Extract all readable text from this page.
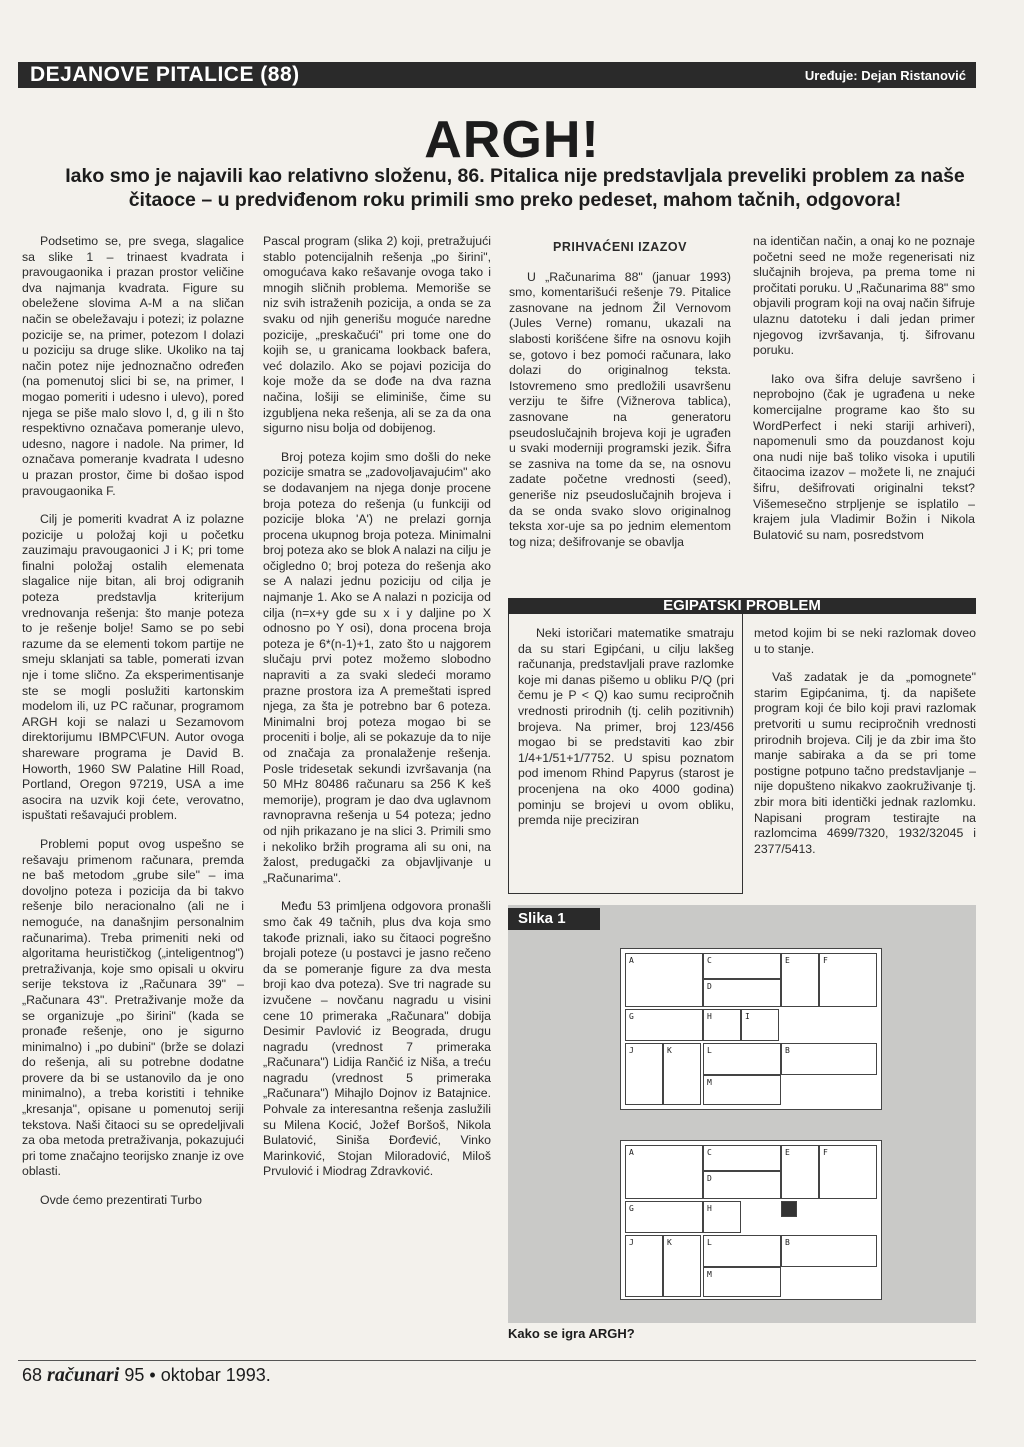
DEJANOVE PITALICE (88)	Uređuje: Dejan Ristanović
ARGH!
Iako smo je najavili kao relativno složenu, 86. Pitalica nije predstavljala preveliki problem za naše čitaoce – u predviđenom roku primili smo preko pedeset, mahom tačnih, odgovora!

Podsetimo se, pre svega, slagalice sa slike 1 – trinaest kvadrata i pravougaonika i prazan prostor veličine dva najmanja kvadrata. Figure su obeležene slovima A-M a na sličan način se obeležavaju i potezi; iz polazne pozicije se, na primer, potezom I dolazi u poziciju sa druge slike. Ukoliko na taj način potez nije jednoznačno određen (na pomenutoj slici bi se, na primer, I mogao pomeriti i udesno i ulevo), pored njega se piše malo slovo l, d, g ili n što respektivno označava pomeranje ulevo, udesno, nagore i nadole. Na primer, Id označava pomeranje kvadrata I udesno u prazan prostor, čime bi došao ispod pravougaonika F.

Cilj je pomeriti kvadrat A iz polazne pozicije u položaj koji u početku zauzimaju pravougaonici J i K; pri tome finalni položaj ostalih elemenata slagalice nije bitan, ali broj odigranih poteza predstavlja kriterijum vrednovanja rešenja: što manje poteza to je rešenje bolje! Samo se po sebi razume da se elementi tokom partije ne smeju sklanjati sa table, pomerati izvan nje i tome slično. Za eksperimentisanje ste se mogli poslužiti kartonskim modelom ili, uz PC računar, programom ARGH koji se nalazi u Sezamovom direktorijumu IBMPC\FUN. Autor ovoga shareware programa je David B. Howorth, 1960 SW Palatine Hill Road, Portland, Oregon 97219, USA a ime asocira na uzvik koji ćete, verovatno, ispuštati rešavajući problem.

Problemi poput ovog uspešno se rešavaju primenom računara, premda ne baš metodom „grube sile" – ima dovoljno poteza i pozicija da bi takvo rešenje bilo neracionalno (ali ne i nemoguće, na današnjim personalnim računarima). Treba primeniti neki od algoritama heurističkog („inteligentnog") pretraživanja, koje smo opisali u okviru serije tekstova iz „Računara 39" – „Računara 43". Pretraživanje može da se organizuje „po širini" (kada se pronađe rešenje, ono je sigurno minimalno) i „po dubini" (brže se dolazi do rešenja, ali su potrebne dodatne provere da bi se ustanovilo da je ono minimalno), a treba koristiti i tehnike „kresanja", opisane u pomenutoj seriji tekstova. Naši čitaoci su se opredeljivali za oba metoda pretraživanja, pokazujući pri tome značajno teorijsko znanje iz ove oblasti.

Ovde ćemo prezentirati Turbo

Pascal program (slika 2) koji, pretražujući stablo potencijalnih rešenja „po širini", omogućava kako rešavanje ovoga tako i mnogih sličnih problema. Memoriše se niz svih istraženih pozicija, a onda se za svaku od njih generišu moguće naredne pozicije, „preskačući" pri tome one do kojih se, u granicama lookback bafera, već dolazilo. Ako se pojavi pozicija do koje može da se dođe na dva razna načina, lošiji se eliminiše, čime su izgubljena neka rešenja, ali se za da ona sigurno nisu bolja od dobijenog.

Broj poteza kojim smo došli do neke pozicije smatra se „zadovoljavajućim" ako se dodavanjem na njega donje procene broja poteza do rešenja (u funkciji od pozicije bloka 'A') ne prelazi gornja procena ukupnog broja poteza. Minimalni broj poteza ako se blok A nalazi na cilju je očigledno 0; broj poteza do rešenja ako se A nalazi jednu poziciju od cilja je najmanje 1. Ako se A nalazi n pozicija od cilja (n=x+y gde su x i y daljine po X odnosno po Y osi), dona procena broja poteza je 6*(n-1)+1, zato što u najgorem slučaju prvi potez možemo slobodno napraviti a za svaki sledeći moramo prazne prostora iza A premeštati ispred njega, za šta je potrebno bar 6 poteza. Minimalni broj poteza mogao bi se proceniti i bolje, ali se pokazuje da to nije od značaja za pronalaženje rešenja. Posle tridesetak sekundi izvršavanja (na 50 MHz 80486 računaru sa 256 K keš memorije), program je dao dva uglavnom ravnopravna rešenja u 54 poteza; jedno od njih prikazano je na slici 3. Primili smo i nekoliko bržih programa ali su oni, na žalost, predugački za objavljivanje u „Računarima".

Među 53 primljena odgovora pronašli smo čak 49 tačnih, plus dva koja smo takođe priznali, iako su čitaoci pogrešno brojali poteze (u postavci je jasno rečeno da se pomeranje figure za dva mesta broji kao dva poteza). Sve tri nagrade su izvučene – novčanu nagradu u visini cene 10 primeraka „Računara" dobija Desimir Pavlović iz Beograda, drugu nagradu (vrednost 7 primeraka „Računara") Lidija Rančić iz Niša, a treću nagradu (vrednost 5 primeraka „Računara") Mihajlo Dojnov iz Batajnice. Pohvale za interesantna rešenja zaslužili su Milena Kocić, Jožef Boršoš, Nikola Bulatović, Siniša Đorđević, Vinko Marinković, Stojan Miloradović, Miloš Prvulović i Miodrag Zdravković.

PRIHVAĆENI IZAZOV

U „Računarima 88" (januar 1993) smo, komentarišući rešenje 79. Pitalice zasnovane na jednom Žil Vernovom (Jules Verne) romanu, ukazali na slabosti korišćene šifre na osnovu kojih se, gotovo i bez pomoći računara, lako dolazi do originalnog teksta. Istovremeno smo predložili usavršenu verziju te šifre (Vižnerova tablica), zasnovane na generatoru pseudoslučajnih brojeva koji je ugrađen u svaki moderniji programski jezik. Šifra se zasniva na tome da se, na osnovu zadate početne vrednosti (seed), generiše niz pseudoslučajnih brojeva i da se onda svako slovo originalnog teksta xor-uje sa po jednim elementom tog niza; dešifrovanje se obavlja

na identičan način, a onaj ko ne poznaje početni seed ne može regenerisati niz slučajnih brojeva, pa prema tome ni pročitati poruku. U „Računarima 88" smo objavili program koji na ovaj način šifruje ulaznu datoteku i dali jedan primer njegovog izvršavanja, tj. šifrovanu poruku.

Iako ova šifra deluje savršeno i neprobojno (čak je ugrađena u neke komercijalne programe kao što su WordPerfect i neki stariji arhiveri), napomenuli smo da pouzdanost koju ona nudi nije baš toliko visoka i uputili čitaocima izazov – možete li, ne znajući šifru, dešifrovati originalni tekst? Višemesečno strpljenje se isplatilo – krajem jula Vladimir Božin i Nikola Bulatović su nam, posredstvom

EGIPATSKI PROBLEM

Neki istoričari matematike smatraju da su stari Egipćani, u cilju lakšeg računanja, predstavljali prave razlomke koje mi danas pišemo u obliku P/Q (pri čemu je P < Q) kao sumu recipročnih vrednosti prirodnih (tj. celih pozitivnih) brojeva. Na primer, broj 123/456 mogao bi se predstaviti kao zbir 1/4+1/51+1/7752. U spisu poznatom pod imenom Rhind Papyrus (starost je procenjena na oko 4000 godina) pominju se brojevi u ovom obliku, premda nije preciziran

metod kojim bi se neki razlomak doveo u to stanje.

Vaš zadatak je da „pomognete" starim Egipćanima, tj. da napišete program koji će bilo koji pravi razlomak pretvoriti u sumu recipročnih vrednosti prirodnih brojeva. Cilj je da zbir ima što manje sabiraka a da se pri tome postigne potpuno tačno predstavljanje – nije dopušteno nikakvo zaokruživanje tj. zbir mora biti identički jednak razlomku. Napisani program testirajte na razlomcima 4699/7320, 1932/32045 i 2377/5413.

Slika 1
A	C	E	F
D
G	H	I
J	K	L	B
M
A	C	E	F
D
G	H
J	K	L	B
M
Kako se igra ARGH?
68 računari 95 • oktobar 1993.
